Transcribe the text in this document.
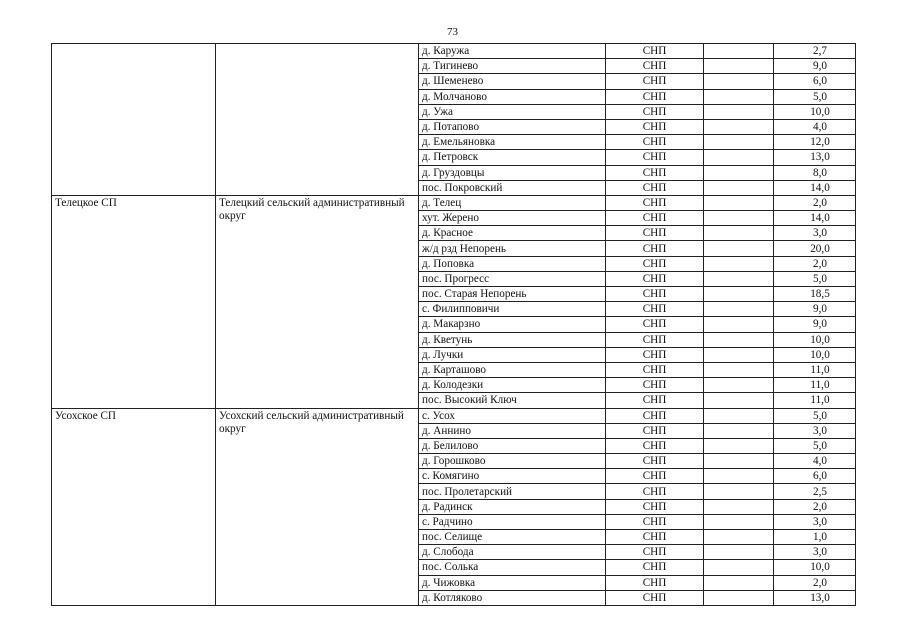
73
		д. Каружа	СНП		2,7
		д. Тигинево	СНП		9,0
		д. Шеменево	СНП		6,0
		д. Молчаново	СНП		5,0
		д. Ужа	СНП		10,0
		д. Потапово	СНП		4,0
		д. Емельяновка	СНП		12,0
		д. Петровск	СНП		13,0
		д. Груздовцы	СНП		8,0
		пос. Покровский	СНП		14,0
Телецкое СП	Телецкий сельский административный округ	д. Телец	СНП		2,0
		хут. Жерено	СНП		14,0
		д. Красное	СНП		3,0
		ж/д рзд Непорень	СНП		20,0
		д. Поповка	СНП		2,0
		пос. Прогресс	СНП		5,0
		пос. Старая Непорень	СНП		18,5
		с. Филипповичи	СНП		9,0
		д. Макарзно	СНП		9,0
		д. Кветунь	СНП		10,0
		д. Лучки	СНП		10,0
		д. Карташово	СНП		11,0
		д. Колодезки	СНП		11,0
		пос. Высокий Ключ	СНП		11,0
Усохское СП	Усохский сельский административный округ	с. Усох	СНП		5,0
		д. Аннино	СНП		3,0
		д. Белилово	СНП		5,0
		д. Горошково	СНП		4,0
		с. Комягино	СНП		6,0
		пос. Пролетарский	СНП		2,5
		д. Радинск	СНП		2,0
		с. Радчино	СНП		3,0
		пос. Селище	СНП		1,0
		д. Слобода	СНП		3,0
		пос. Солька	СНП		10,0
		д. Чижовка	СНП		2,0
		д. Котляково	СНП		13,0
